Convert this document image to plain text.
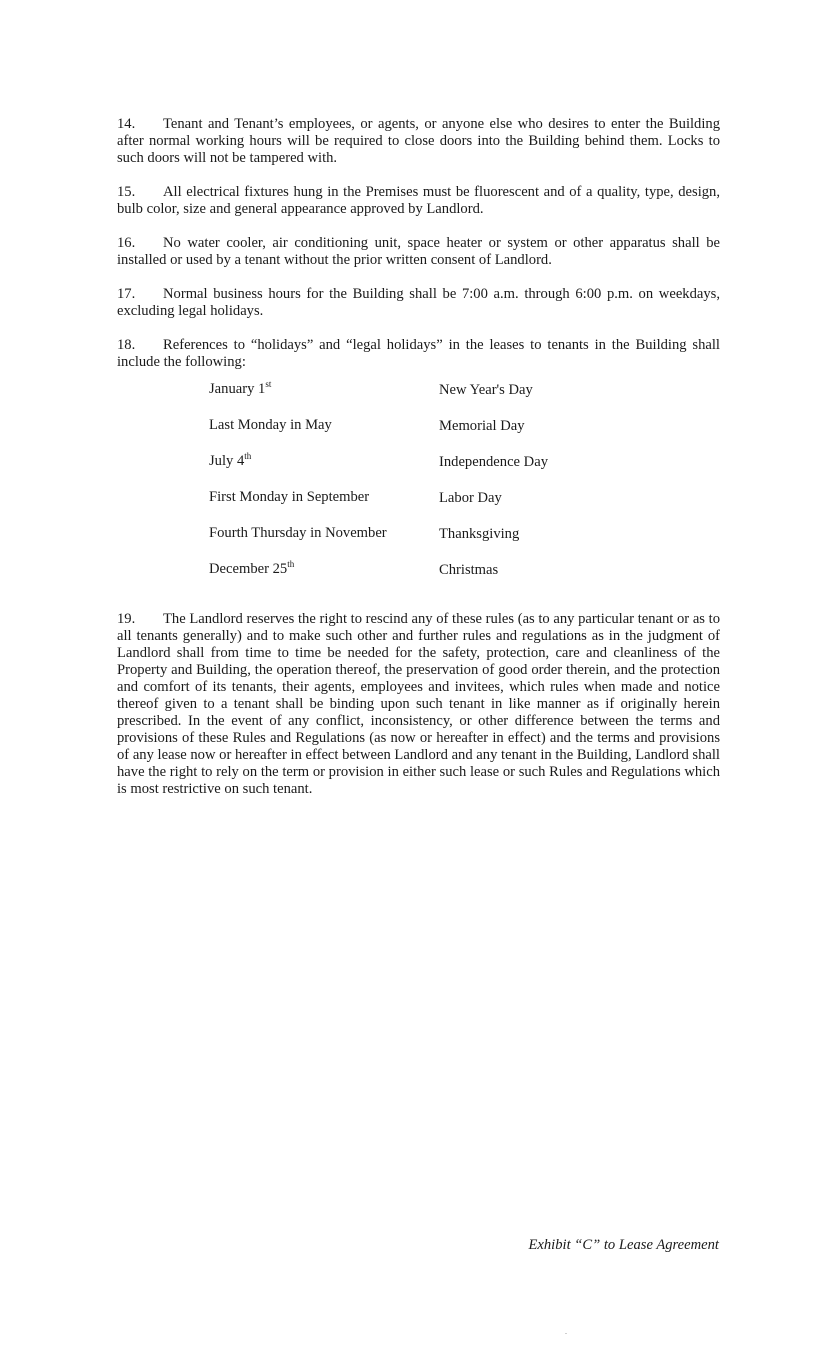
14. Tenant and Tenant’s employees, or agents, or anyone else who desires to enter the Building after normal working hours will be required to close doors into the Building behind them. Locks to such doors will not be tampered with.

15. All electrical fixtures hung in the Premises must be fluorescent and of a quality, type, design, bulb color, size and general appearance approved by Landlord.

16. No water cooler, air conditioning unit, space heater or system or other apparatus shall be installed or used by a tenant without the prior written consent of Landlord.

17. Normal business hours for the Building shall be 7:00 a.m. through 6:00 p.m. on weekdays, excluding legal holidays.

18. References to “holidays” and “legal holidays” in the leases to tenants in the Building shall include the following:

January 1st	New Year's Day
Last Monday in May	Memorial Day
July 4th	Independence Day
First Monday in September	Labor Day
Fourth Thursday in November	Thanksgiving
December 25th	Christmas

19. The Landlord reserves the right to rescind any of these rules (as to any particular tenant or as to all tenants generally) and to make such other and further rules and regulations as in the judgment of Landlord shall from time to time be needed for the safety, protection, care and cleanliness of the Property and Building, the operation thereof, the preservation of good order therein, and the protection and comfort of its tenants, their agents, employees and invitees, which rules when made and notice thereof given to a tenant shall be binding upon such tenant in like manner as if originally herein prescribed. In the event of any conflict, inconsistency, or other difference between the terms and provisions of these Rules and Regulations (as now or hereafter in effect) and the terms and provisions of any lease now or hereafter in effect between Landlord and any tenant in the Building, Landlord shall have the right to rely on the term or provision in either such lease or such Rules and Regulations which is most restrictive on such tenant.

Exhibit “C” to Lease Agreement
